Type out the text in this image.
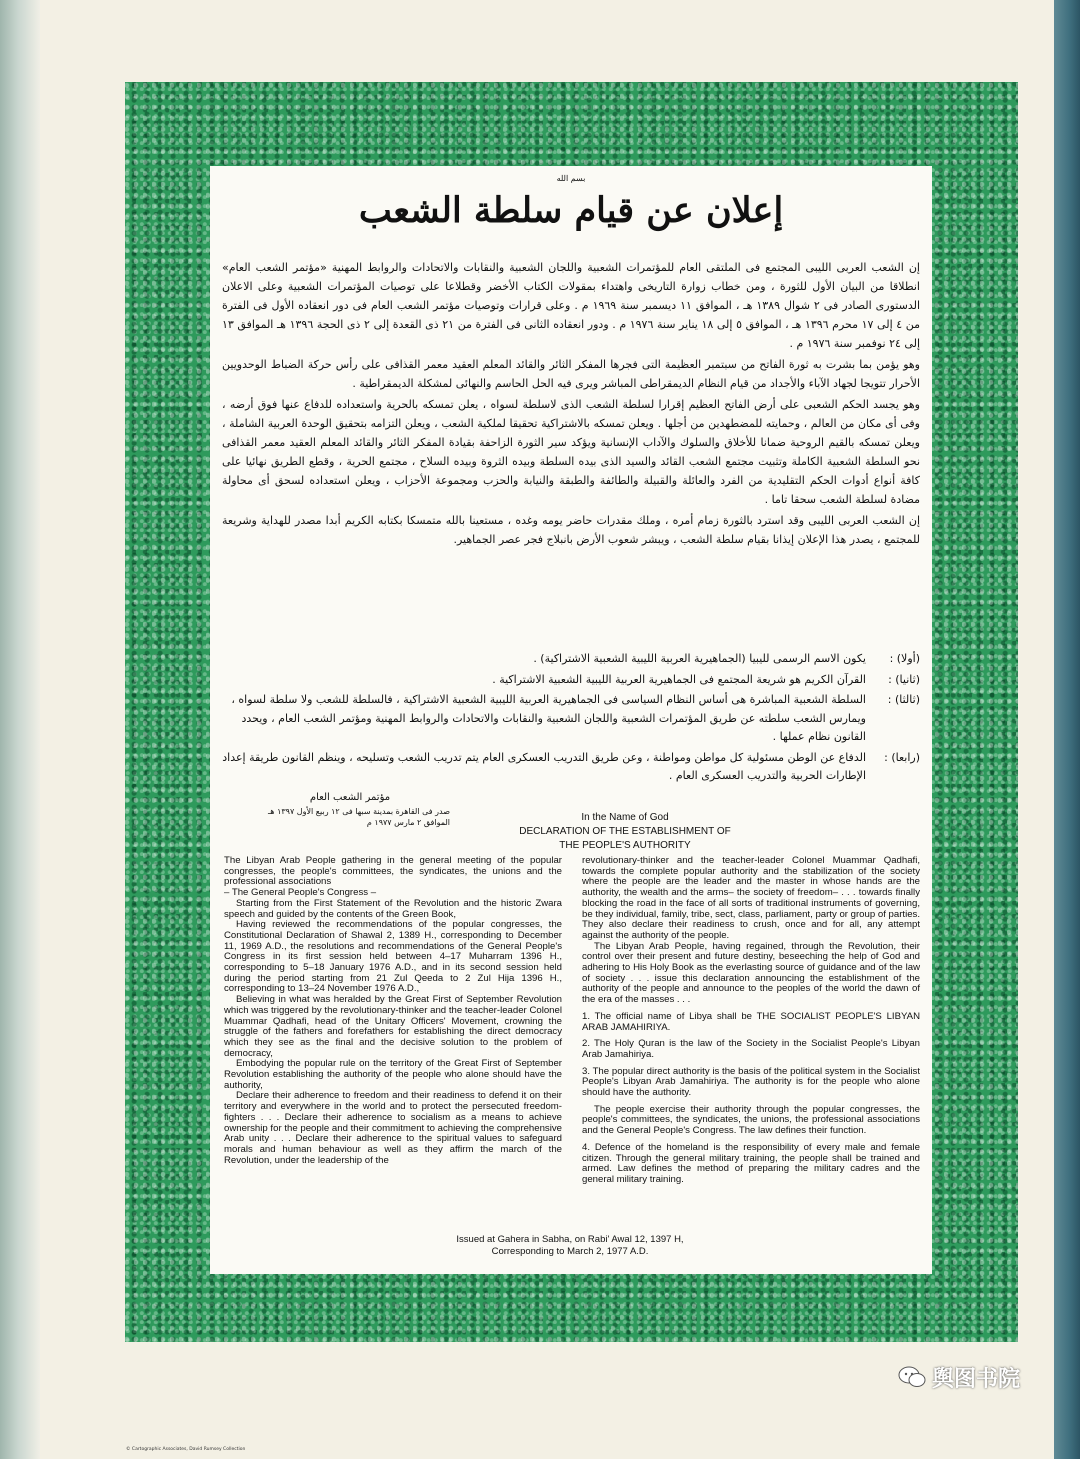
بسم الله
إعلان عن قيام سلطة الشعب

إن الشعب العربى الليبى المجتمع فى الملتقى العام للمؤتمرات الشعبية واللجان الشعبية والنقابات والاتحادات والروابط المهنية «مؤتمر الشعب العام» انطلاقا من البيان الأول للثورة ، ومن خطاب زوارة التاريخى واهتداء بمقولات الكتاب الأخضر وقطلاعا على توصيات المؤتمرات الشعبية وعلى الاعلان الدستورى الصادر فى ٢ شوال ١٣٨٩ هـ ، الموافق ١١ ديسمبر سنة ١٩٦٩ م . وعلى قرارات وتوصيات مؤتمر الشعب العام فى دور انعقاده الأول فى الفترة من ٤ إلى ١٧ محرم ١٣٩٦ هـ ، الموافق ٥ إلى ١٨ يناير سنة ١٩٧٦ م . ودور انعقاده الثانى فى الفترة من ٢١ ذى القعدة إلى ٢ ذى الحجة ١٣٩٦ هـ الموافق ١٣ إلى ٢٤ نوفمبر سنة ١٩٧٦ م .

وهو يؤمن بما بشرت به ثورة الفاتح من سبتمبر العظيمة التى فجرها المفكر الثائر والقائد المعلم العقيد معمر القذافى على رأس حركة الضباط الوحدويين الأحرار تتويجا لجهاد الآباء والأجداد من قيام النظام الديمقراطى المباشر ويرى فيه الحل الحاسم والنهائى لمشكلة الديمقراطية .

وهو يجسد الحكم الشعبى على أرض الفاتح العظيم إقرارا لسلطة الشعب الذى لاسلطة لسواه ، يعلن تمسكه بالحرية واستعداده للدفاع عنها فوق أرضه ، وفى أى مكان من العالم ، وحمايته للمضطهدين من أجلها . ويعلن تمسكه بالاشتراكية تحقيقا لملكية الشعب ، ويعلن التزامه بتحقيق الوحدة العربية الشاملة ، ويعلن تمسكه بالقيم الروحية ضمانا للأخلاق والسلوك والآداب الإنسانية ويؤكد سير الثورة الزاحفة بقيادة المفكر الثائر والقائد المعلم العقيد معمر القذافى نحو السلطة الشعبية الكاملة وتثبيت مجتمع الشعب القائد والسيد الذى بيده السلطة وبيده الثروة وبيده السلاح ، مجتمع الحرية ، وقطع الطريق نهائيا على كافة أنواع أدوات الحكم التقليدية من الفرد والعائلة والقبيلة والطائفة والطبقة والنيابة والحزب ومجموعة الأحزاب ، ويعلن استعداده لسحق أى محاولة مضادة لسلطة الشعب سحقا تاما .

إن الشعب العربى الليبى وقد استرد بالثورة زمام أمره ، وملك مقدرات حاضر يومه وغده ، مستعينا بالله متمسكا بكتابه الكريم أبدا مصدر للهداية وشريعة للمجتمع ، يصدر هذا الإعلان إيذانا بقيام سلطة الشعب ، ويبشر شعوب الأرض بانبلاج فجر عصر الجماهير.

(أولا) :
يكون الاسم الرسمى لليبيا (الجماهيرية العربية الليبية الشعبية الاشتراكية) .
(ثانيا) :
القرآن الكريم هو شريعة المجتمع فى الجماهيرية العربية الليبية الشعبية الاشتراكية .
(ثالثا) :
السلطة الشعبية المباشرة هى أساس النظام السياسى فى الجماهيرية العربية الليبية الشعبية الاشتراكية ، فالسلطة للشعب ولا سلطة لسواه ، ويمارس الشعب سلطته عن طريق المؤتمرات الشعبية واللجان الشعبية والنقابات والاتحادات والروابط المهنية ومؤتمر الشعب العام ، ويحدد القانون نظام عملها .
(رابعا) :
الدفاع عن الوطن مسئولية كل مواطن ومواطنة ، وعن طريق التدريب العسكرى العام يتم تدريب الشعب وتسليحه ، وينظم القانون طريقة إعداد الإطارات الحربية والتدريب العسكرى العام .
مؤتمر الشعب العام
صدر فى القاهرة بمدينة سبها فى ١٢ ربيع الأول ١٣٩٧ هـ
الموافق ٢ مارس ١٩٧٧ م	In the Name of God
DECLARATION OF THE ESTABLISHMENT OF
THE PEOPLE'S AUTHORITY

The Libyan Arab People gathering in the general meeting of the popular congresses, the people's committees, the syndicates, the unions and the professional associations

– The General People's Congress –

Starting from the First Statement of the Revolution and the historic Zwara speech and guided by the contents of the Green Book,

Having reviewed the recommendations of the popular congresses, the Constitutional Declaration of Shawal 2, 1389 H., corresponding to December 11, 1969 A.D., the resolutions and recommendations of the General People's Congress in its first session held between 4–17 Muharram 1396 H., corresponding to 5–18 January 1976 A.D., and in its second session held during the period starting from 21 Zul Qeeda to 2 Zul Hija 1396 H., corresponding to 13–24 November 1976 A.D.,

Believing in what was heralded by the Great First of September Revolution which was triggered by the revolutionary-thinker and the teacher-leader Colonel Muammar Qadhafi, head of the Unitary Officers' Movement, crowning the struggle of the fathers and forefathers for establishing the direct democracy which they see as the final and the decisive solution to the problem of democracy,

Embodying the popular rule on the territory of the Great First of September Revolution establishing the authority of the people who alone should have the authority,

Declare their adherence to freedom and their readiness to defend it on their territory and everywhere in the world and to protect the persecuted freedom-fighters . . . Declare their adherence to socialism as a means to achieve ownership for the people and their commitment to achieving the comprehensive Arab unity . . . Declare their adherence to the spiritual values to safeguard morals and human behaviour as well as they affirm the march of the Revolution, under the leadership of the

revolutionary-thinker and the teacher-leader Colonel Muammar Qadhafi, towards the complete popular authority and the stabilization of the society where the people are the leader and the master in whose hands are the authority, the wealth and the arms– the society of freedom– . . . towards finally blocking the road in the face of all sorts of traditional instruments of governing, be they individual, family, tribe, sect, class, parliament, party or group of parties. They also declare their readiness to crush, once and for all, any attempt against the authority of the people.

The Libyan Arab People, having regained, through the Revolution, their control over their present and future destiny, beseeching the help of God and adhering to His Holy Book as the everlasting source of guidance and of the law of society . . . issue this declaration announcing the establishment of the authority of the people and announce to the peoples of the world the dawn of the era of the masses . . .

1. The official name of Libya shall be THE SOCIALIST PEOPLE'S LIBYAN ARAB JAMAHIRIYA.

2. The Holy Quran is the law of the Society in the Socialist People's Libyan Arab Jamahiriya.

3. The popular direct authority is the basis of the political system in the Socialist People's Libyan Arab Jamahiriya. The authority is for the people who alone should have the authority.

The people exercise their authority through the popular congresses, the people's committees, the syndicates, the unions, the professional associations and the General People's Congress. The law defines their function.

4. Defence of the homeland is the responsibility of every male and female citizen. Through the general military training, the people shall be trained and armed. Law defines the method of preparing the military cadres and the general military training.

Issued at Gahera in Sabha, on Rabi' Awal 12, 1397 H,
Corresponding to March 2, 1977 A.D.
© Cartographic Associates, David Rumsey Collection
舆图书院
